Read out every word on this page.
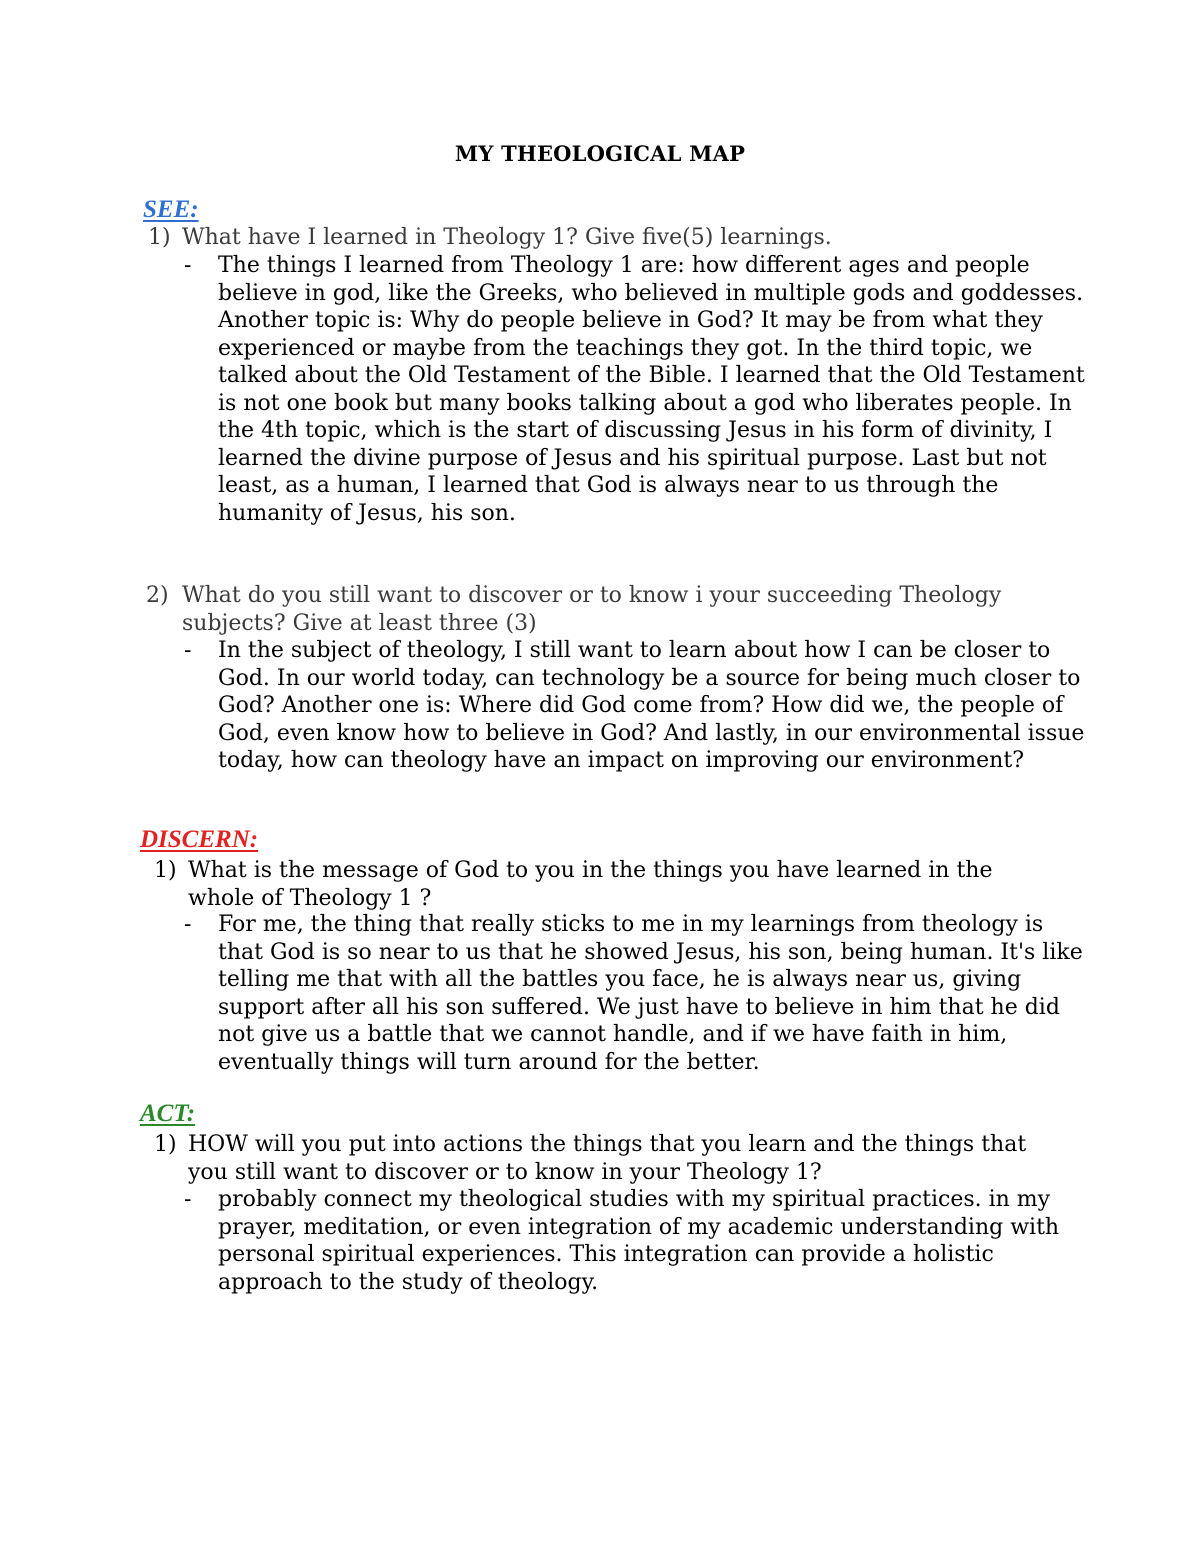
MY THEOLOGICAL MAP
SEE:
1) What have I learned in Theology 1? Give five(5) learnings.
- The things I learned from Theology 1 are: how different ages and people believe in god, like the Greeks, who believed in multiple gods and goddesses. Another topic is: Why do people believe in God? It may be from what they experienced or maybe from the teachings they got. In the third topic, we talked about the Old Testament of the Bible. I learned that the Old Testament is not one book but many books talking about a god who liberates people. In the 4th topic, which is the start of discussing Jesus in his form of divinity, I learned the divine purpose of Jesus and his spiritual purpose. Last but not least, as a human, I learned that God is always near to us through the humanity of Jesus, his son.
2) What do you still want to discover or to know i your succeeding Theology subjects? Give at least three (3)
- In the subject of theology, I still want to learn about how I can be closer to God. In our world today, can technology be a source for being much closer to God? Another one is: Where did God come from? How did we, the people of God, even know how to believe in God? And lastly, in our environmental issue today, how can theology have an impact on improving our environment?
DISCERN:
1) What is the message of God to you in the things you have learned in the whole of Theology 1 ?
- For me, the thing that really sticks to me in my learnings from theology is that God is so near to us that he showed Jesus, his son, being human. It's like telling me that with all the battles you face, he is always near us, giving support after all his son suffered. We just have to believe in him that he did not give us a battle that we cannot handle, and if we have faith in him, eventually things will turn around for the better.
ACT:
1) HOW will you put into actions the things that you learn and the things that you still want to discover or to know in your Theology 1?
- probably connect my theological studies with my spiritual practices. in my prayer, meditation, or even integration of my academic understanding with personal spiritual experiences. This integration can provide a holistic approach to the study of theology.
